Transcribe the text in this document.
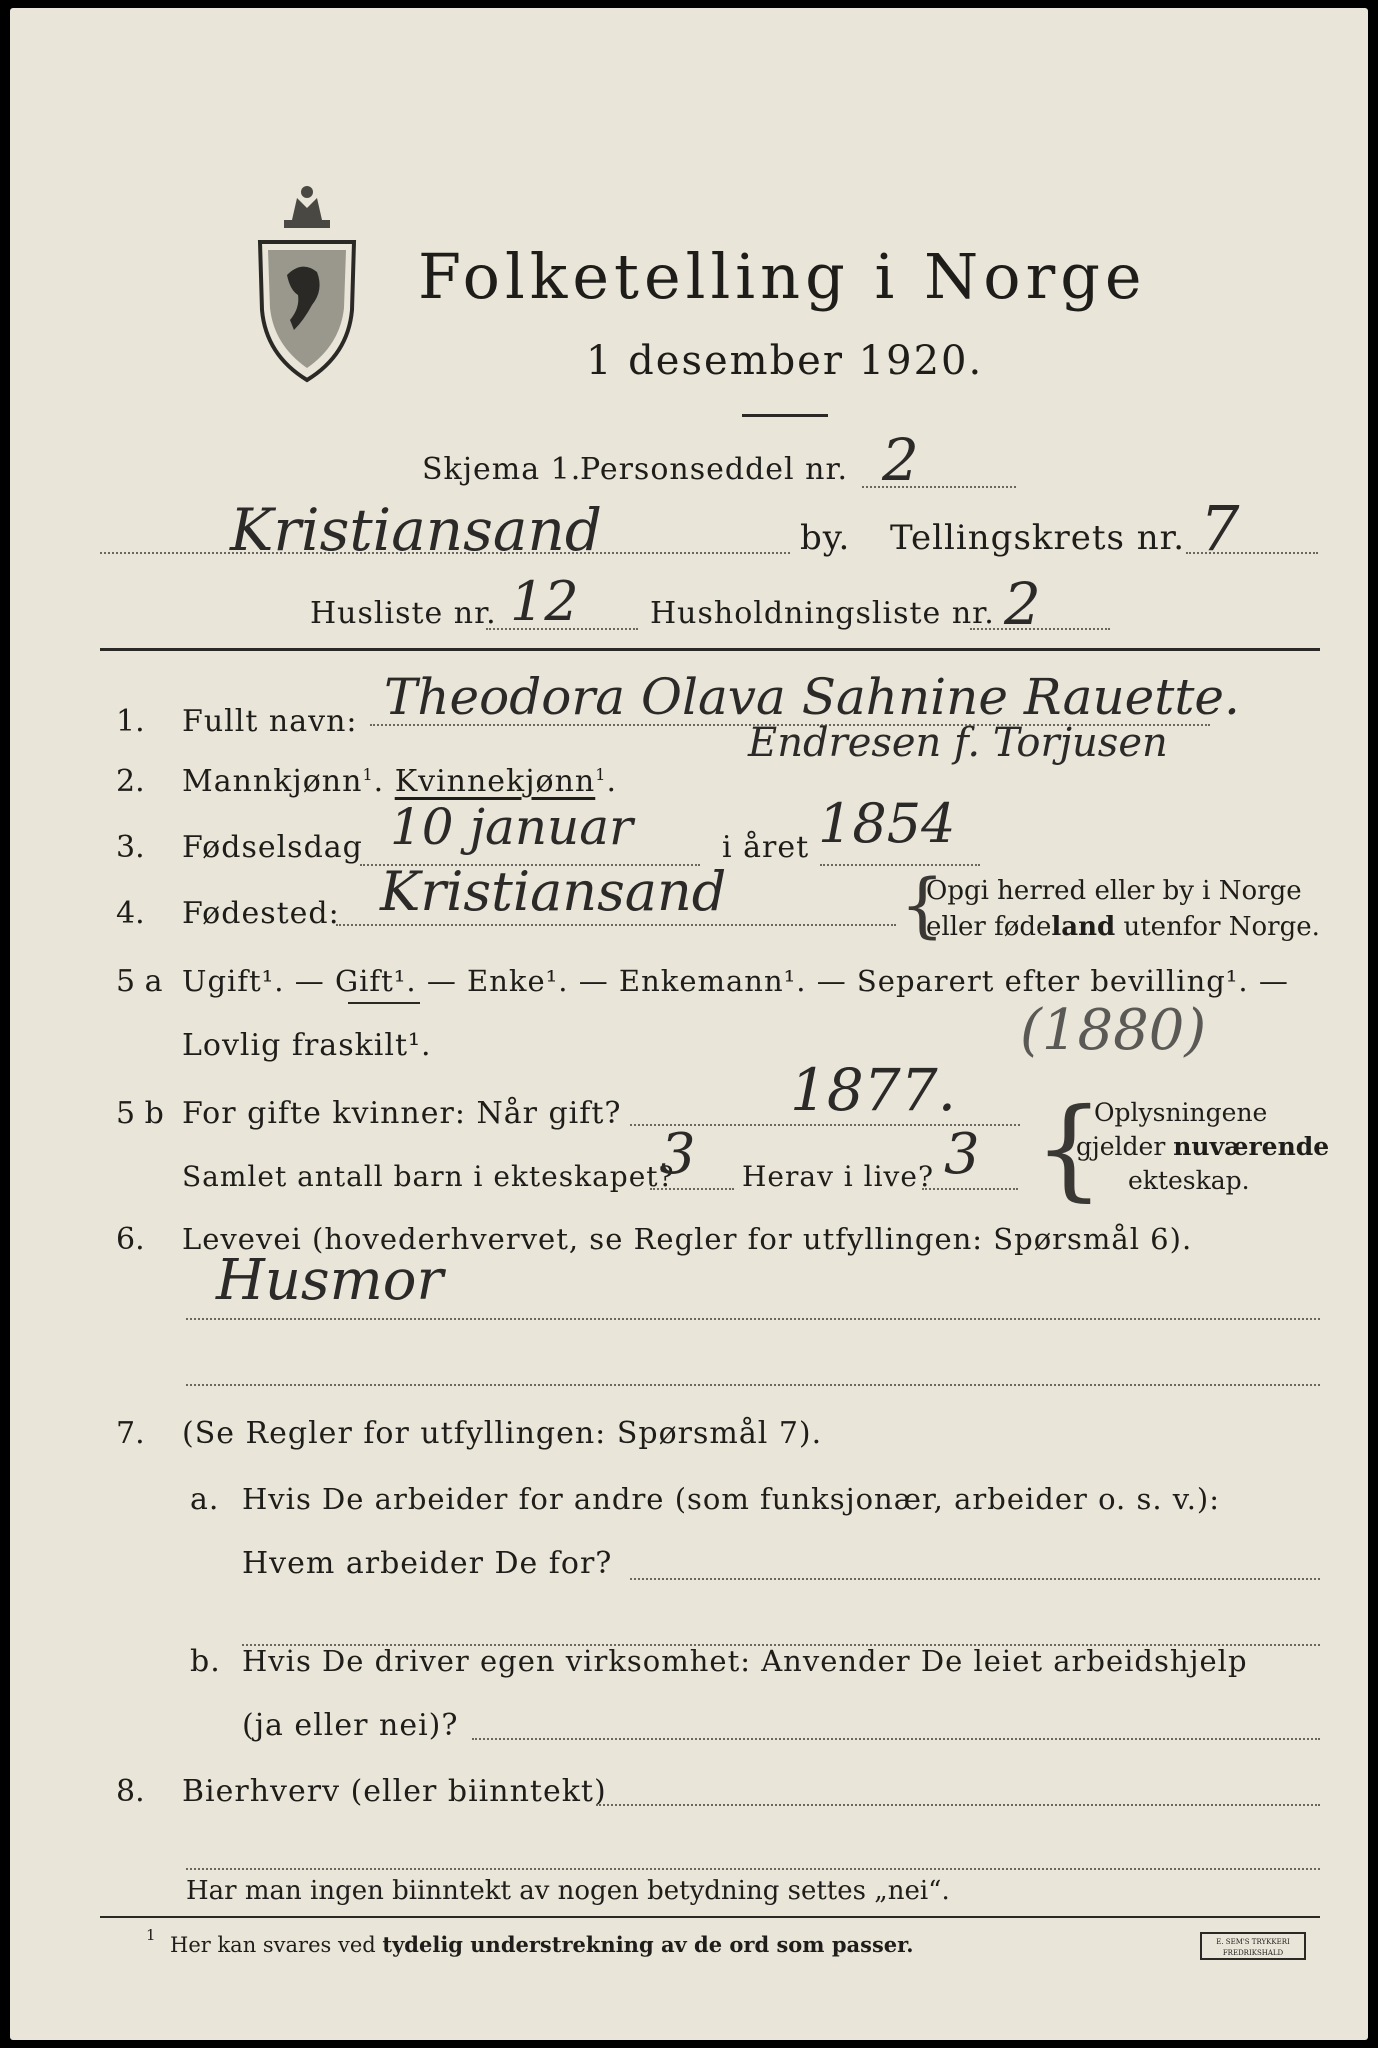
Folketelling i Norge
1 desember 1920.
Skjema 1.
Personseddel nr. 2
Kristiansand	by. Tellingskrets nr. 7
Husliste nr. 12 Husholdningsliste nr. 2
1. Fullt navn: Theodora Olava Sahnine Rauette.
Endresen f. Torjusen
2. Mannkjønn$^1$. Kvinnekjønn$^1$.
3. Fødselsdag 10 januar	i året 1854
4. Fødested: Kristiansand {
Opgi herred eller by i Norge
eller fødeland utenfor Norge.
5 a Ugift¹. — Gift¹. — Enke¹. — Enkemann¹. — Separert efter bevilling¹. —
Lovlig fraskilt¹.	(1880)
5 b For gifte kvinner: Når gift?	1877.
Samlet antall barn i ekteskapet?
3 Herav i live? 3 {
Oplysningene
gjelder nuværende
ekteskap.
6. Levevei (hovederhvervet, se Regler for utfyllingen: Spørsmål 6).
Husmor
7. (Se Regler for utfyllingen: Spørsmål 7).
a. Hvis De arbeider for andre (som funksjonær, arbeider o. s. v.):
Hvem arbeider De for?
b. Hvis De driver egen virksomhet: Anvender De leiet arbeidshjelp
(ja eller nei)?
8. Bierhverv (eller biinntekt)
Har man ingen biinntekt av nogen betydning settes „nei“.
1 Her kan svares ved tydelig understrekning av de ord som passer.	E. SEM'S TRYKKERI
FREDRIKSHALD
